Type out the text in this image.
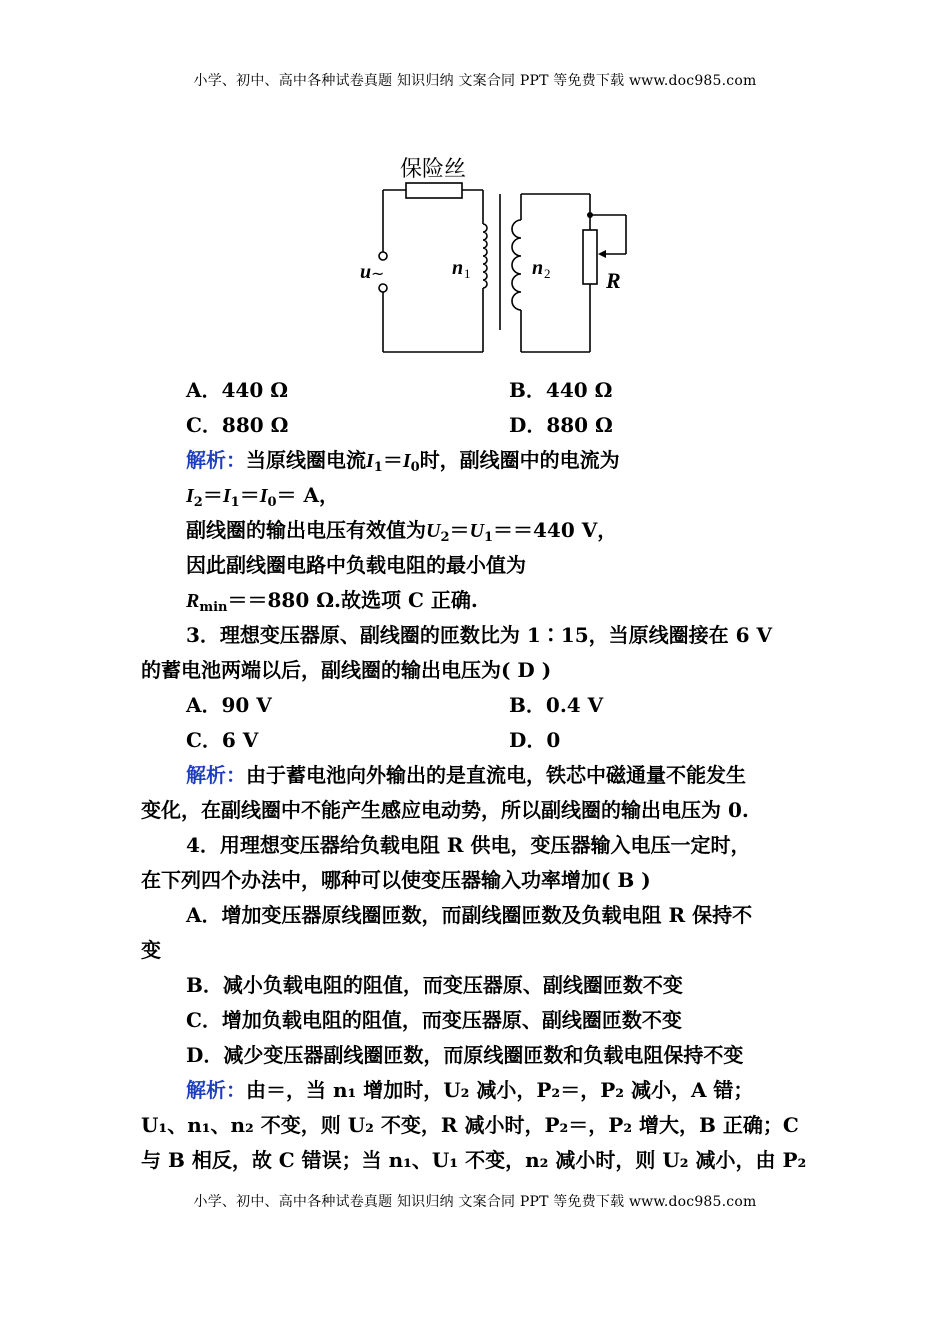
小学、初中、高中各种试卷真题 知识归纳 文案合同 PPT 等免费下载 www.doc985.com
保险丝
u ~	n 1	n 2	R
A．440 Ω	B．440 Ω
C．880 Ω	D．880 Ω
解析：当原线圈电流$I_1=I_0$时，副线圈中的电流为
$I_2=I_1=I_0= A$，
副线圈的输出电压有效值为$U_2=U_1==440$ V，
因此副线圈电路中负载电阻的最小值为
$R_{min}==880$ Ω.故选项 C 正确.
3．理想变压器原、副线圈的匝数比为 1∶15，当原线圈接在 6 V
的蓄电池两端以后，副线圈的输出电压为( D )
A．90 V	B．0.4 V
C．6 V	D．0
解析：由于蓄电池向外输出的是直流电，铁芯中磁通量不能发生
变化，在副线圈中不能产生感应电动势，所以副线圈的输出电压为 0.
4．用理想变压器给负载电阻 R 供电，变压器输入电压一定时，
在下列四个办法中，哪种可以使变压器输入功率增加( B )
A．增加变压器原线圈匝数，而副线圈匝数及负载电阻 R 保持不
变
B．减小负载电阻的阻值，而变压器原、副线圈匝数不变
C．增加负载电阻的阻值，而变压器原、副线圈匝数不变
D．减少变压器副线圈匝数，而原线圈匝数和负载电阻保持不变
解析：由＝，当 n₁ 增加时，U₂ 减小，P₂＝，P₂ 减小，A 错；
U₁、n₁、n₂ 不变，则 U₂ 不变，R 减小时，P₂＝，P₂ 增大，B 正确；C
与 B 相反，故 C 错误；当 n₁、U₁ 不变，n₂ 减小时，则 U₂ 减小，由 P₂
小学、初中、高中各种试卷真题 知识归纳 文案合同 PPT 等免费下载 www.doc985.com
